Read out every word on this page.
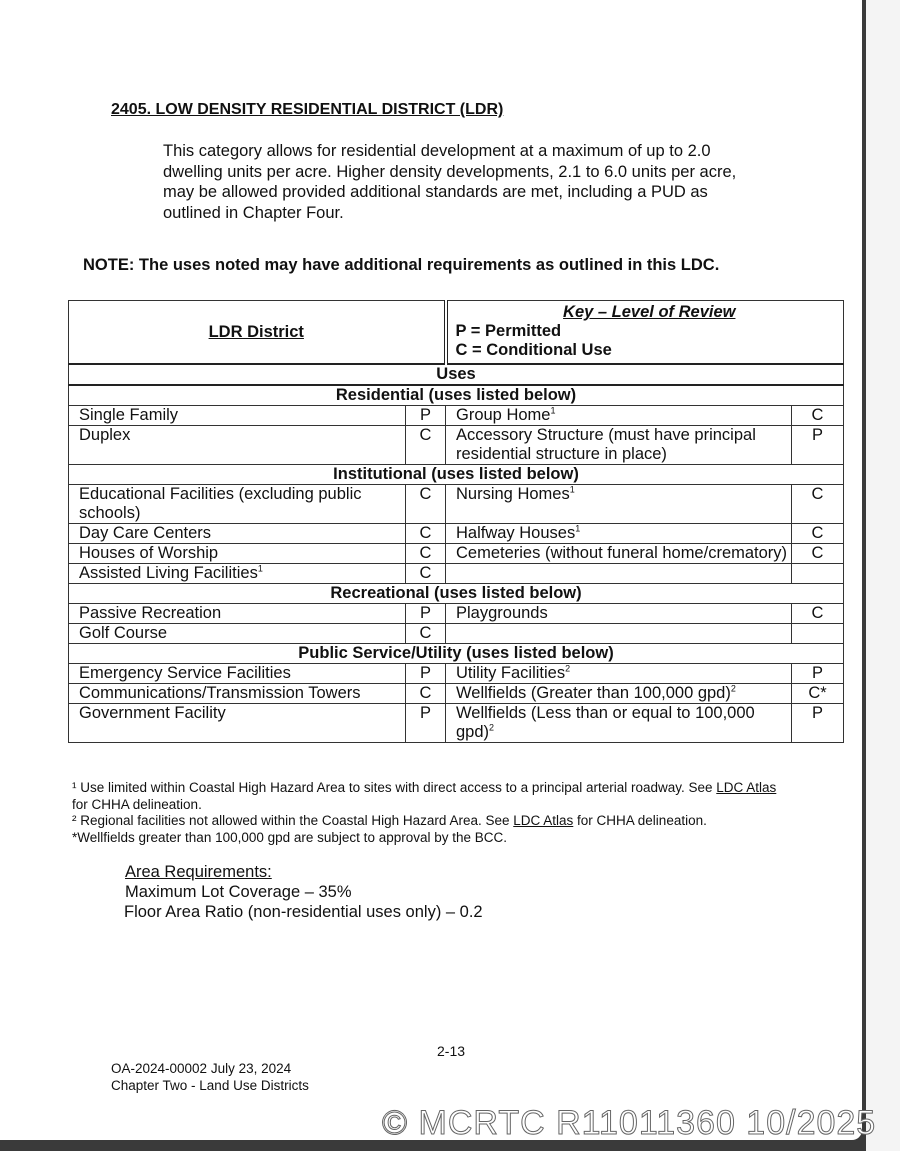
2405. LOW DENSITY RESIDENTIAL DISTRICT (LDR)
This category allows for residential development at a maximum of up to 2.0
dwelling units per acre. Higher density developments, 2.1 to 6.0 units per acre,
may be allowed provided additional standards are met, including a PUD as
outlined in Chapter Four.
NOTE: The uses noted may have additional requirements as outlined in this LDC.
LDR District		Key – Level of Review
P = Permitted
C = Conditional Use	

Uses			
Residential (uses listed below)			
Single Family	P	Group Home$^1$	C
Duplex	C	Accessory Structure (must have principal residential structure in place)	P
Institutional (uses listed below)			
Educational Facilities (excluding public schools)	C	Nursing Homes$^1$	C
Day Care Centers	C	Halfway Houses$^1$	C
Houses of Worship	C	Cemeteries (without funeral home/crematory)	C
Assisted Living Facilities$^1$	C		
Recreational (uses listed below)			
Passive Recreation	P	Playgrounds	C
Golf Course	C		
Public Service/Utility (uses listed below)			
Emergency Service Facilities	P	Utility Facilities$^2$	P
Communications/Transmission Towers	C	Wellfields (Greater than 100,000 gpd)$^2$	C*
Government Facility	P	Wellfields (Less than or equal to 100,000 gpd)$^2$	P
¹ Use limited within Coastal High Hazard Area to sites with direct access to a principal arterial roadway. See LDC Atlas
for CHHA delineation.
² Regional facilities not allowed within the Coastal High Hazard Area. See LDC Atlas for CHHA delineation.
*Wellfields greater than 100,000 gpd are subject to approval by the BCC.
Area Requirements:
Maximum Lot Coverage – 35%
Floor Area Ratio (non-residential uses only) – 0.2
2-13
OA-2024-00002 July 23, 2024
Chapter Two - Land Use Districts
© MCRTC R11011360 10/2025
